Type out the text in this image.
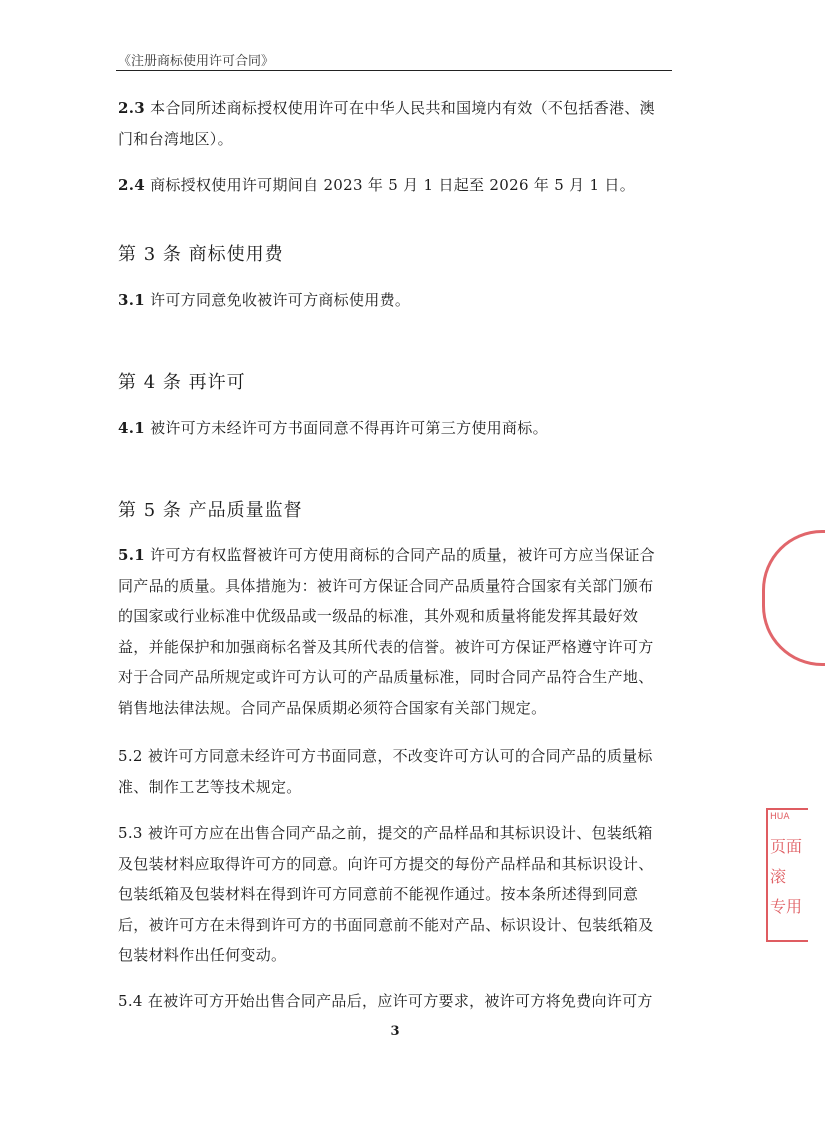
《注册商标使用许可合同》
2.3 本合同所述商标授权使用许可在中华人民共和国境内有效（不包括香港、澳
门和台湾地区）。
2.4 商标授权使用许可期间自 2023 年 5 月 1 日起至 2026 年 5 月 1 日。
第 3 条 商标使用费
3.1 许可方同意免收被许可方商标使用费。
第 4 条 再许可
4.1 被许可方未经许可方书面同意不得再许可第三方使用商标。
第 5 条 产品质量监督
5.1 许可方有权监督被许可方使用商标的合同产品的质量，被许可方应当保证合
同产品的质量。具体措施为：被许可方保证合同产品质量符合国家有关部门颁布
的国家或行业标准中优级品或一级品的标准，其外观和质量将能发挥其最好效
益，并能保护和加强商标名誉及其所代表的信誉。被许可方保证严格遵守许可方
对于合同产品所规定或许可方认可的产品质量标准，同时合同产品符合生产地、
销售地法律法规。合同产品保质期必须符合国家有关部门规定。
5.2 被许可方同意未经许可方书面同意，不改变许可方认可的合同产品的质量标
准、制作工艺等技术规定。
5.3 被许可方应在出售合同产品之前，提交的产品样品和其标识设计、包装纸箱
及包装材料应取得许可方的同意。向许可方提交的每份产品样品和其标识设计、
包装纸箱及包装材料在得到许可方同意前不能视作通过。按本条所述得到同意
后，被许可方在未得到许可方的书面同意前不能对产品、标识设计、包装纸箱及
包装材料作出任何变动。
5.4 在被许可方开始出售合同产品后，应许可方要求，被许可方将免费向许可方
3
HUA
页面
滚
专用
